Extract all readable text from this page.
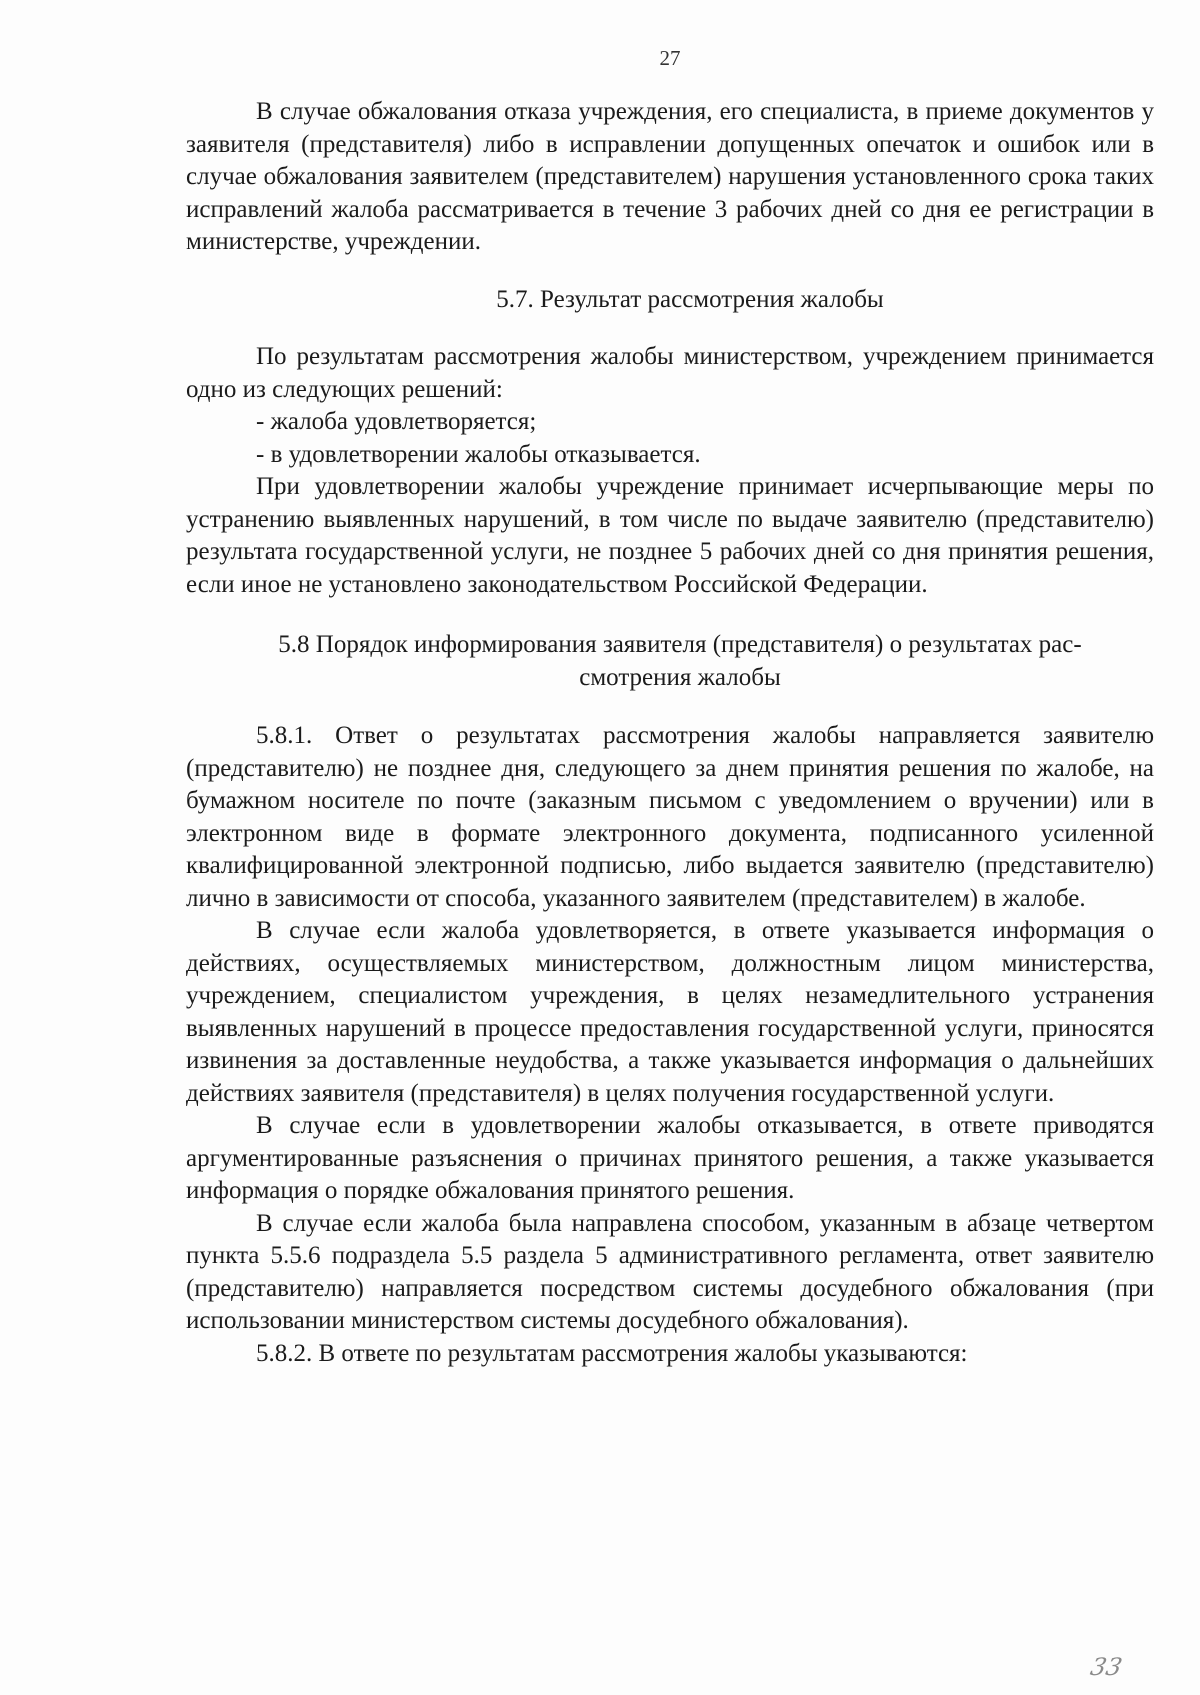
27

В случае обжалования отказа учреждения, его специалиста, в приеме документов у заявителя (представителя) либо в исправлении допущенных опечаток и ошибок или в случае обжалования заявителем (представителем) нарушения установленного срока таких исправлений жалоба рассматривается в течение 3 рабочих дней со дня ее регистрации в министерстве, учреждении.

5.7. Результат рассмотрения жалобы

По результатам рассмотрения жалобы министерством, учреждением принимается одно из следующих решений:

- жалоба удовлетворяется;

- в удовлетворении жалобы отказывается.

При удовлетворении жалобы учреждение принимает исчерпывающие меры по устранению выявленных нарушений, в том числе по выдаче заявителю (представителю) результата государственной услуги, не позднее 5 рабочих дней со дня принятия решения, если иное не установлено законодательством Российской Федерации.

5.8 Порядок информирования заявителя (представителя) о результатах рассмотрения жалобы

5.8.1. Ответ о результатах рассмотрения жалобы направляется заявителю (представителю) не позднее дня, следующего за днем принятия решения по жалобе, на бумажном носителе по почте (заказным письмом с уведомлением о вручении) или в электронном виде в формате электронного документа, подписанного усиленной квалифицированной электронной подписью, либо выдается заявителю (представителю) лично в зависимости от способа, указанного заявителем (представителем) в жалобе.

В случае если жалоба удовлетворяется, в ответе указывается информация о действиях, осуществляемых министерством, должностным лицом министерства, учреждением, специалистом учреждения, в целях незамедлительного устранения выявленных нарушений в процессе предоставления государственной услуги, приносятся извинения за доставленные неудобства, а также указывается информация о дальнейших действиях заявителя (представителя) в целях получения государственной услуги.

В случае если в удовлетворении жалобы отказывается, в ответе приводятся аргументированные разъяснения о причинах принятого решения, а также указывается информация о порядке обжалования принятого решения.

В случае если жалоба была направлена способом, указанным в абзаце четвертом пункта 5.5.6 подраздела 5.5 раздела 5 административного регламента, ответ заявителю (представителю) направляется посредством системы досудебного обжалования (при использовании министерством системы досудебного обжалования).

5.8.2. В ответе по результатам рассмотрения жалобы указываются:

33
